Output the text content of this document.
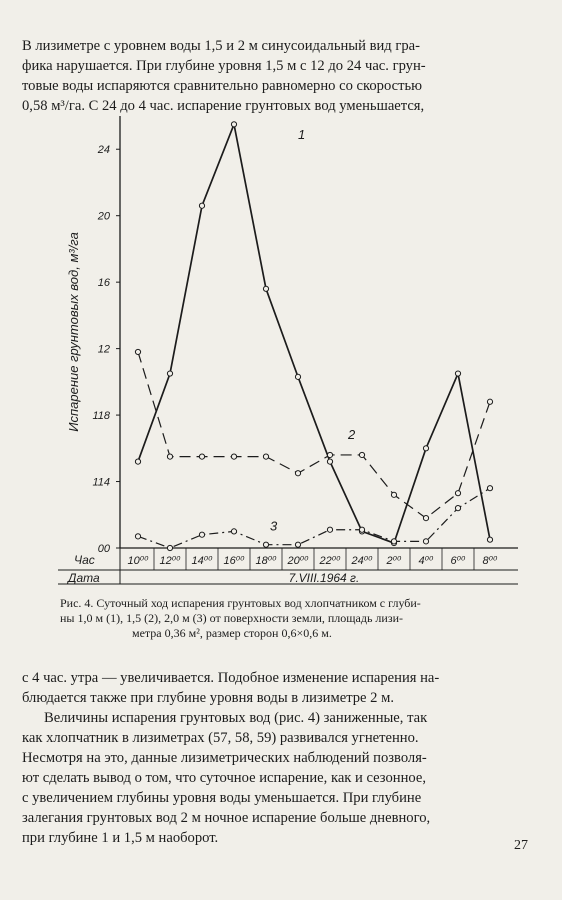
В лизиметре с уровнем воды 1,5 и 2 м синусоидальный вид гра-
фика нарушается. При глубине уровня 1,5 м с 12 до 24 час. грун-
товые воды испаряются сравнительно равномерно со скоростью
0,58 м³/га. С 24 до 4 час. испарение грунтовых вод уменьшается,

00
114
118
12
16
20
24
Испарение грунтовых вод, м³/га
Час
Дата
10⁰⁰ 12⁰⁰ 14⁰⁰ 16⁰⁰ 18⁰⁰ 20⁰⁰ 22⁰⁰ 24⁰⁰ 2⁰⁰ 4⁰⁰ 6⁰⁰ 8⁰⁰
7.VIII.1964 г.
1
2
3

Рис. 4. Суточный ход испарения грунтовых вод хлопчатником с глуби-
ны 1,0 м (1), 1,5 (2), 2,0 м (3) от поверхности земли, площадь лизи-
метра 0,36 м², размер сторон 0,6×0,6 м.

с 4 час. утра — увеличивается. Подобное изменение испарения на-
блюдается также при глубине уровня воды в лизиметре 2 м.
Величины испарения грунтовых вод (рис. 4) заниженные, так
как хлопчатник в лизиметрах (57, 58, 59) развивался угнетенно.
Несмотря на это, данные лизиметрических наблюдений позволя-
ют сделать вывод о том, что суточное испарение, как и сезонное,
с увеличением глубины уровня воды уменьшается. При глубине
залегания грунтовых вод 2 м ночное испарение больше дневного,
при глубине 1 и 1,5 м наоборот.	27
